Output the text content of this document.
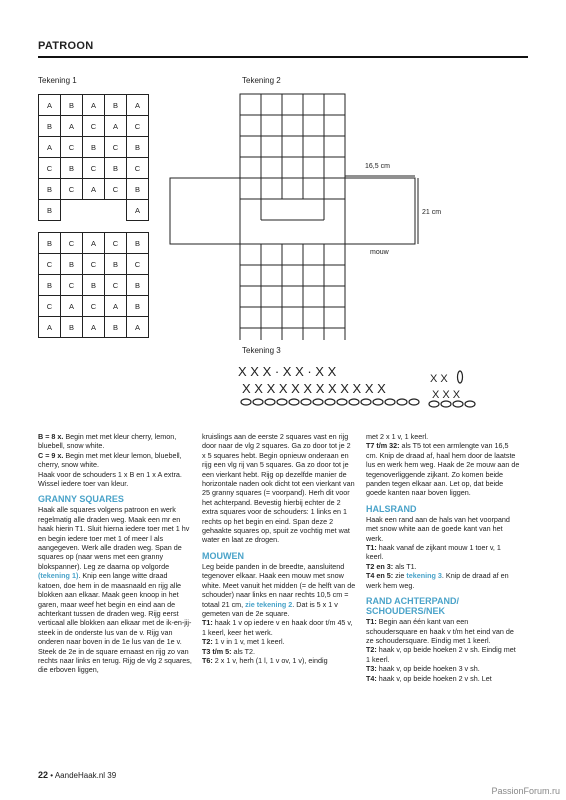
PATROON
Tekening 1
A	B	A	B	A
B	A	C	A	C
A	C	B	C	B
C	B	C	B	C
B	C	A	C	B
B				A
B	C	A	C	B
C	B	C	B	C
B	C	B	C	B
C	A	C	A	B
A	B	A	B	A
Tekening 2
16,5 cm
21 cm
mouw
Tekening 3
X X X · X X · X X
X X X X X X X X X X X X
X X
X X X

B = 8 x. Begin met met kleur cherry, lemon, bluebell, snow white.

C = 9 x. Begin met met kleur lemon, bluebell, cherry, snow white.

Haak voor de schouders 1 x B en 1 x A extra. Wissel iedere toer van kleur.

GRANNY SQUARES

Haak alle squares volgens patroon en werk regelmatig alle draden weg. Maak een mr en haak hierin T1. Sluit hierna iedere toer met 1 hv en begin iedere toer met 1 of meer l als aangegeven. Werk alle draden weg. Span de squares op (naar wens met een granny blokspanner). Leg ze daarna op volgorde (tekening 1). Knip een lange witte draad katoen, doe hem in de maasnaald en rijg alle blokken aan elkaar. Maak geen knoop in het garen, maar weef het begin en eind aan de achterkant tussen de draden weg. Rijg eerst verticaal alle blokken aan elkaar met de ik-en-jij-steek in de onderste lus van de v. Rijg van onderen naar boven in de 1e lus van de 1e v. Steek de 2e in de square ernaast en rijg zo van rechts naar links en terug. Rijg de vlg 2 squares, die erboven liggen,

kruislings aan de eerste 2 squares vast en rijg door naar de vlg 2 squares. Ga zo door tot je 2 x 5 squares hebt. Begin opnieuw onderaan en rijg een vlg rij van 5 squares. Ga zo door tot je een vierkant hebt. Rijg op dezelfde manier de horizontale naden ook dicht tot een vierkant van 25 granny squares (= voorpand). Herh dit voor het achterpand. Bevestig hierbij echter de 2 extra squares voor de schouders: 1 links en 1 rechts op het begin en eind. Span deze 2 gehaakte squares op, spuit ze vochtig met wat water en laat ze drogen.

MOUWEN

Leg beide panden in de breedte, aansluitend tegenover elkaar. Haak een mouw met snow white. Meet vanuit het midden (= de helft van de schouder) naar links en naar rechts 10,5 cm = totaal 21 cm, zie tekening 2. Dat is 5 x 1 v gemeten van de 2e square.

T1: haak 1 v op iedere v en haak door t/m 45 v, 1 keerl, keer het werk.

T2: 1 v in 1 v, met 1 keerl.

T3 t/m 5: als T2.

T6: 2 x 1 v, herh (1 l, 1 v ov, 1 v), eindig

met 2 x 1 v, 1 keerl.

T7 t/m 32: als T5 tot een armlengte van 16,5 cm. Knip de draad af, haal hem door de laatste lus en werk hem weg. Haak de 2e mouw aan de tegenoverliggende zijkant. Zo komen beide panden tegen elkaar aan. Let op, dat beide goede kanten naar boven liggen.

HALSRAND

Haak een rand aan de hals van het voorpand met snow white aan de goede kant van het werk.

T1: haak vanaf de zijkant mouw 1 toer v, 1 keerl.

T2 en 3: als T1.

T4 en 5: zie tekening 3. Knip de draad af en werk hem weg.

RAND ACHTERPAND/

SCHOUDERS/NEK

T1: Begin aan één kant van een schoudersquare en haak v t/m het eind van de ze schoudersquare. Eindig met 1 keerl.

T2: haak v, op beide hoeken 2 v sh. Eindig met 1 keerl.

T3: haak v, op beide hoeken 3 v sh.

T4: haak v, op beide hoeken 2 v sh. Let

22 • AandeHaak.nl 39
PassionForum.ru
